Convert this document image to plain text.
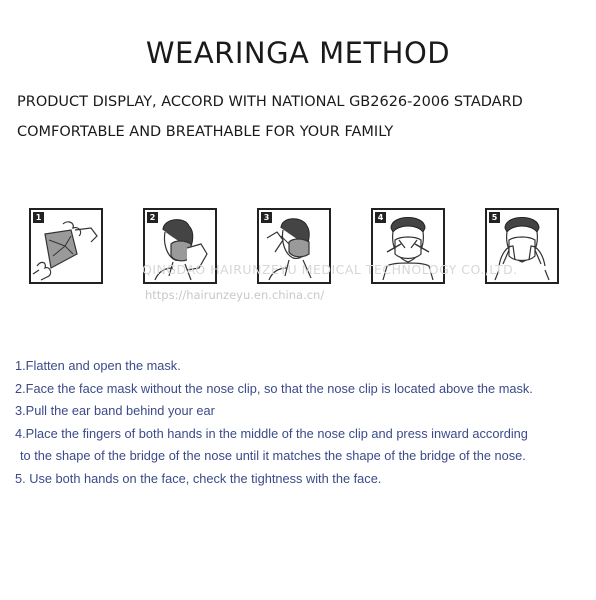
WEARINGA METHOD
PRODUCT DISPLAY, ACCORD WITH NATIONAL GB2626-2006 STADARD
COMFORTABLE AND BREATHABLE FOR YOUR FAMILY
1	2	3	4	5
QINGDAO HAIRUNZEYU MEDICAL TECHNOLOGY CO.,LTD.
https://hairunzeyu.en.china.cn/
1.Flatten and open the mask.
2.Face the face mask without the nose clip, so that the nose clip is located above the mask.
3.Pull the ear band behind your ear
4.Place the fingers of both hands in the middle of the nose clip and press inward according
to the shape of the bridge of the nose until it matches the shape of the bridge of the nose.
5. Use both hands on the face, check the tightness with the face.
